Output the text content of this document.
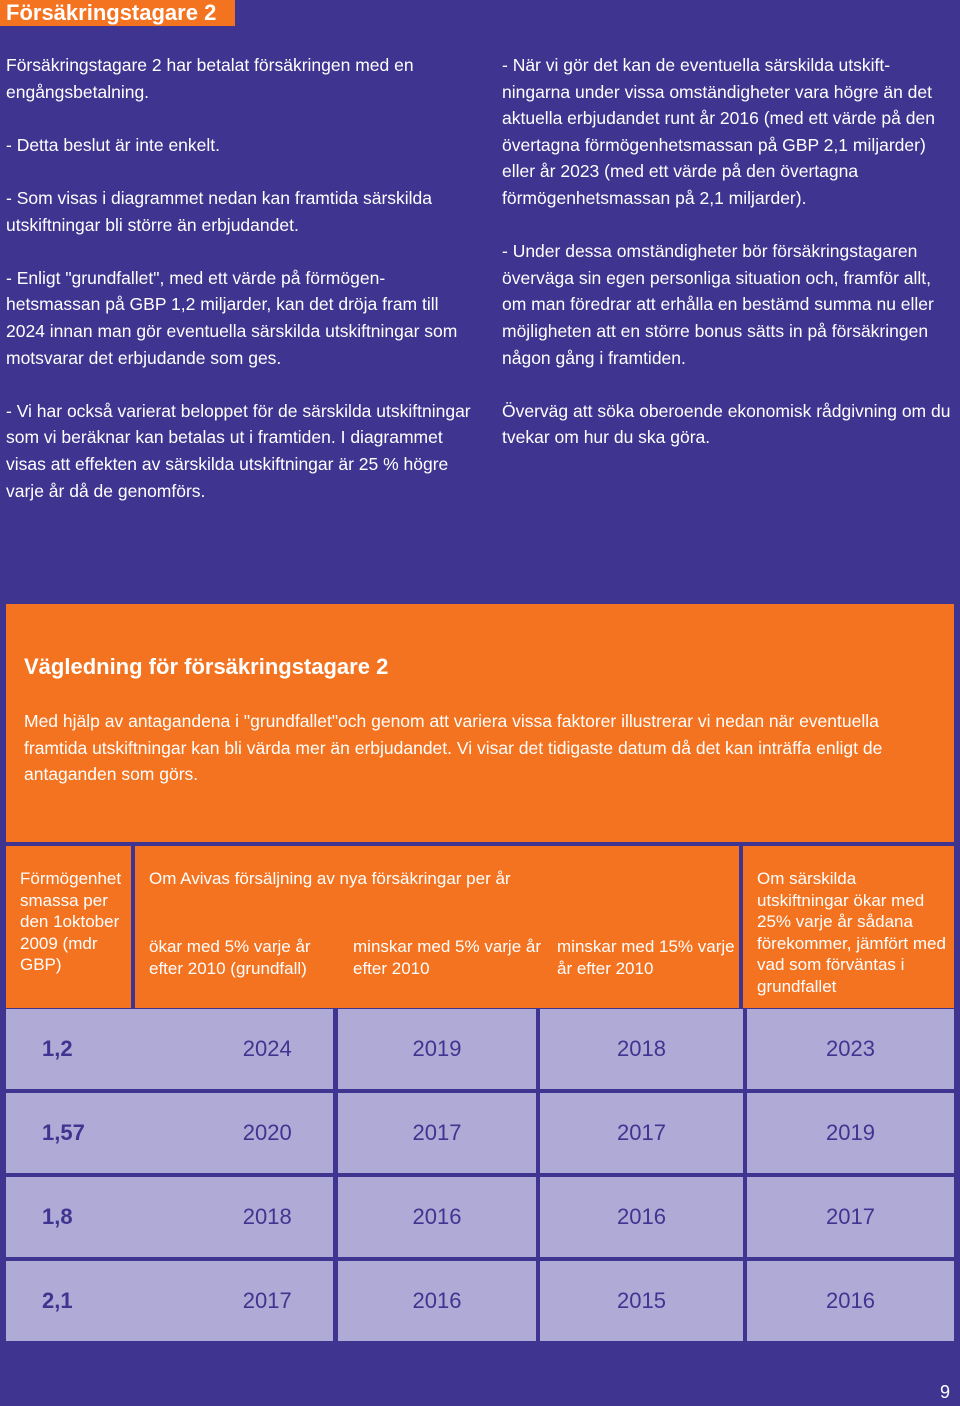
Försäkringstagare 2

Försäkringstagare 2 har betalat försäkringen med en engångsbetalning.

- Detta beslut är inte enkelt.

- Som visas i diagrammet nedan kan framtida särskilda utskiftningar bli större än erbjudandet.

- Enligt "grundfallet", med ett värde på förmögen-hetsmassan på GBP 1,2 miljarder, kan det dröja fram till 2024 innan man gör eventuella särskilda utskiftningar som motsvarar det erbjudande som ges.

- Vi har också varierat beloppet för de särskilda utskiftningar som vi beräknar kan betalas ut i framtiden. I diagrammet visas att effekten av särskilda utskiftningar är 25 % högre varje år då de genomförs.

- När vi gör det kan de eventuella särskilda utskift-ningarna under vissa omständigheter vara högre än det aktuella erbjudandet runt år 2016 (med ett värde på den övertagna förmögenhetsmassan på GBP 2,1 miljarder) eller år 2023 (med ett värde på den övertagna förmögenhetsmassan på 2,1 miljarder).

- Under dessa omständigheter bör försäkringstagaren överväga sin egen personliga situation och, framför allt, om man föredrar att erhålla en bestämd summa nu eller möjligheten att en större bonus sätts in på försäkringen någon gång i framtiden.

Överväg att söka oberoende ekonomisk rådgivning om du tvekar om hur du ska göra.

Vägledning för försäkringstagare 2

Med hjälp av antagandena i "grundfallet"och genom att variera vissa faktorer illustrerar vi nedan när eventuella framtida utskiftningar kan bli värda mer än erbjudandet. Vi visar det tidigaste datum då det kan inträffa enligt de antaganden som görs.

Förmögenhet smassa per den 1oktober 2009 (mdr GBP)
Om Avivas försäljning av nya försäkringar per år
ökar med 5% varje år efter 2010 (grundfall)
minskar med 5% varje år efter 2010
minskar med 15% varje år efter 2010
Om särskilda utskiftningar ökar med 25% varje år sådana förekommer, jämfört med vad som förväntas i grundfallet
1,2	2024	2019	2018	2023
1,57	2020	2017	2017	2019
1,8	2018	2016	2016	2017
2,1	2017	2016	2015	2016
9
